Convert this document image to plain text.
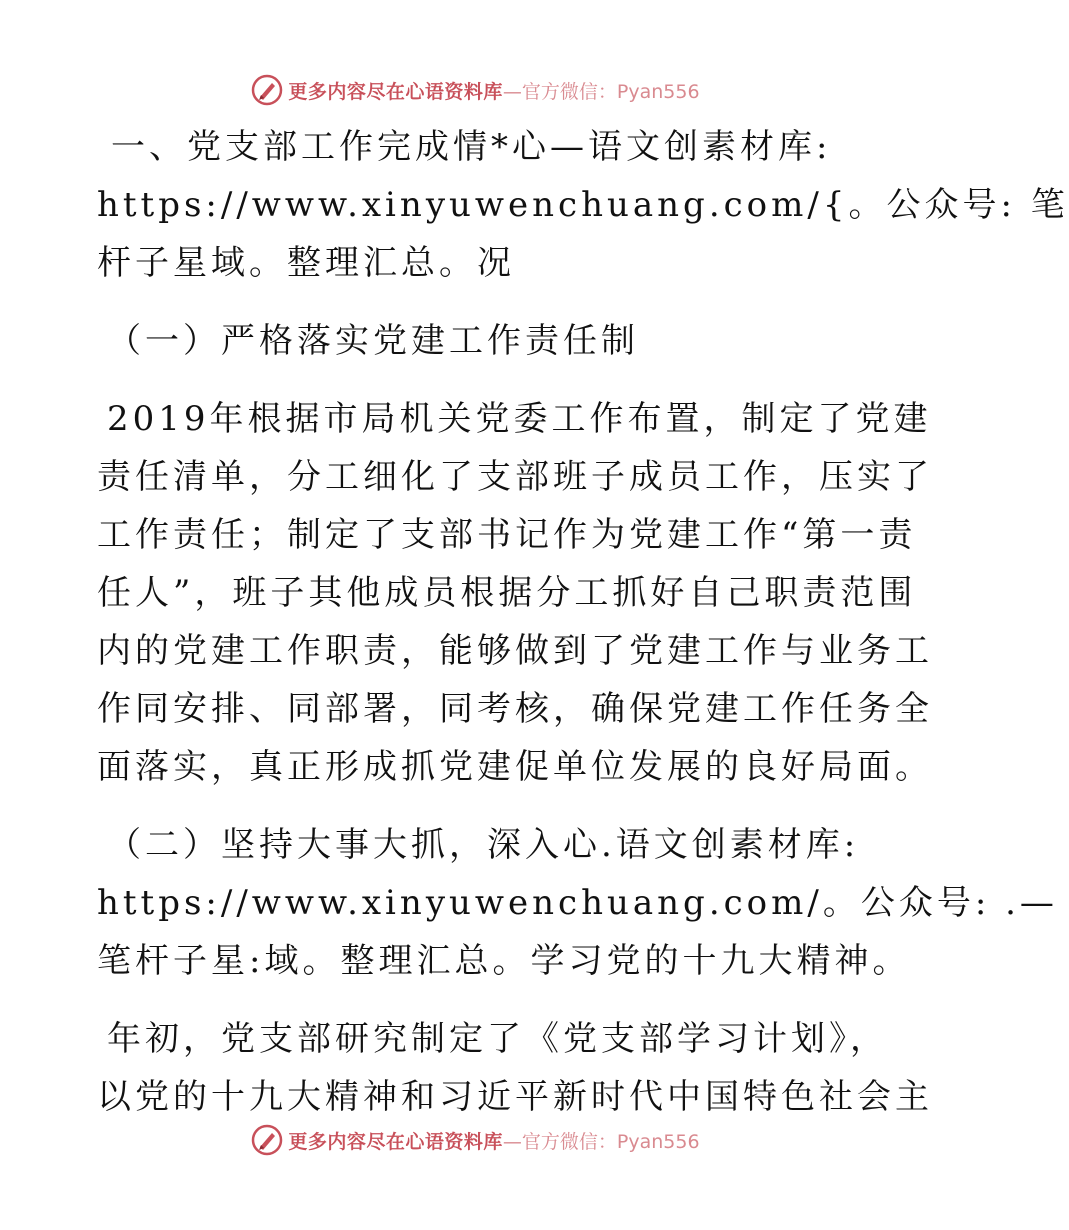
更多内容尽在心语资料库 —官方微信：Pyan556
一、党支部工作完成情*心—语文创素材库:
https://www.xinyuwenchuang.com/{。公众号: 笔
杆子星域。整理汇总。况
（一）严格落实党建工作责任制
2019年根据市局机关党委工作布置，制定了党建
责任清单，分工细化了支部班子成员工作，压实了
工作责任；制定了支部书记作为党建工作“第一责
任人”，班子其他成员根据分工抓好自己职责范围
内的党建工作职责，能够做到了党建工作与业务工
作同安排、同部署，同考核，确保党建工作任务全
面落实，真正形成抓党建促单位发展的良好局面。
（二）坚持大事大抓，深入心.语文创素材库:
https://www.xinyuwenchuang.com/。公众号: .—
笔杆子星:域。整理汇总。学习党的十九大精神。
年初，党支部研究制定了《党支部学习计划》，
以党的十九大精神和习近平新时代中国特色社会主
更多内容尽在心语资料库 —官方微信：Pyan556
